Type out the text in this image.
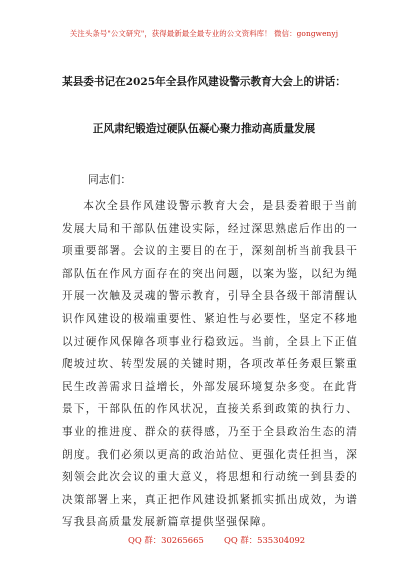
关注头条号"公文研究"，获得最新最全最专业的公文资料库！ 微信：gongwenyj
某县委书记在2025年全县作风建设警示教育大会上的讲话：
正风肃纪锻造过硬队伍凝心聚力推动高质量发展
同志们：

本次全县作风建设警示教育大会，是县委着眼于当前发展大局和干部队伍建设实际，经过深思熟虑后作出的一项重要部署。会议的主要目的在于，深刻剖析当前我县干部队伍在作风方面存在的突出问题，以案为鉴，以纪为绳开展一次触及灵魂的警示教育，引导全县各级干部清醒认识作风建设的极端重要性、紧迫性与必要性，坚定不移地以过硬作风保障各项事业行稳致远。当前，全县上下正值爬坡过坎、转型发展的关键时期，各项改革任务艰巨繁重民生改善需求日益增长，外部发展环境复杂多变。在此背景下，干部队伍的作风状况，直接关系到政策的执行力、事业的推进度、群众的获得感，乃至于全县政治生态的清朗度。我们必须以更高的政治站位、更强化责任担当，深刻领会此次会议的重大意义，将思想和行动统一到县委的决策部署上来，真正把作风建设抓紧抓实抓出成效，为谱写我县高质量发展新篇章提供坚强保障。

QQ 群：30265665 QQ 群：535304092
